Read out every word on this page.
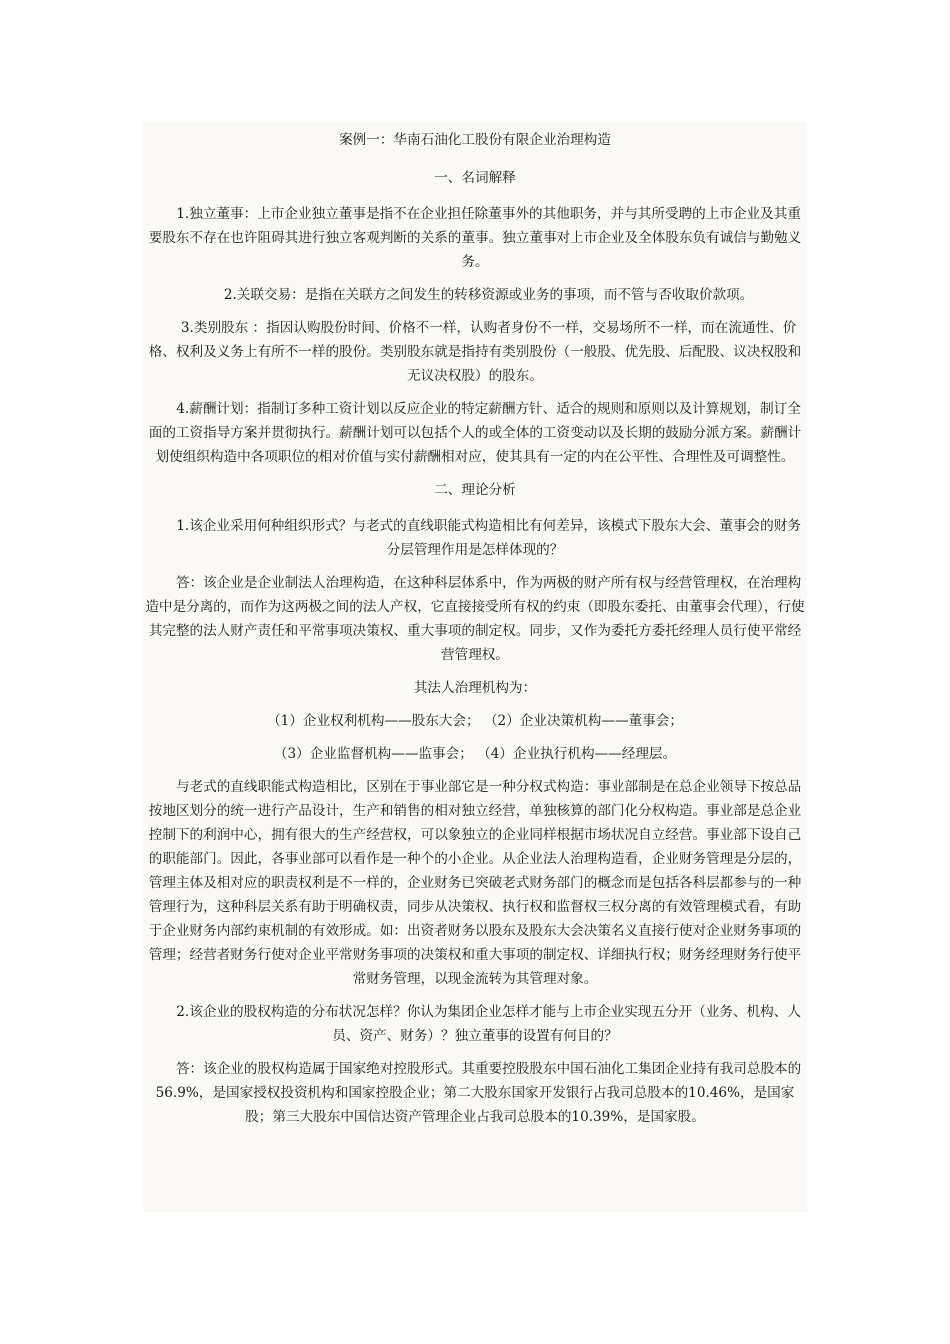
案例一：华南石油化工股份有限企业治理构造

一、名词解释

1.独立董事：上市企业独立董事是指不在企业担任除董事外的其他职务，并与其所受聘的上市企业及其重要股东不存在也许阻碍其进行独立客观判断的关系的董事。独立董事对上市企业及全体股东负有诚信与勤勉义务。

2.关联交易：是指在关联方之间发生的转移资源或业务的事项，而不管与否收取价款项。

3.类别股东 ：指因认购股份时间、价格不一样，认购者身份不一样，交易场所不一样，而在流通性、价格、权利及义务上有所不一样的股份。类别股东就是指持有类别股份（一般股、优先股、后配股、议决权股和无议决权股）的股东。

4.薪酬计划：指制订多种工资计划以反应企业的特定薪酬方针、适合的规则和原则以及计算规划，制订全面的工资指导方案并贯彻执行。薪酬计划可以包括个人的或全体的工资变动以及长期的鼓励分派方案。薪酬计划使组织构造中各项职位的相对价值与实付薪酬相对应，使其具有一定的内在公平性、合理性及可调整性。

二、理论分析

1.该企业采用何种组织形式？与老式的直线职能式构造相比有何差异，该模式下股东大会、董事会的财务分层管理作用是怎样体现的？

答：该企业是企业制法人治理构造，在这种科层体系中，作为两极的财产所有权与经营管理权，在治理构造中是分离的，而作为这两极之间的法人产权，它直接接受所有权的约束（即股东委托、由董事会代理），行使其完整的法人财产责任和平常事项决策权、重大事项的制定权。同步，又作为委托方委托经理人员行使平常经营管理权。

其法人治理机构为：

（1）企业权利机构——股东大会； （2）企业决策机构——董事会；

（3）企业监督机构——监事会； （4）企业执行机构——经理层。

与老式的直线职能式构造相比，区别在于事业部它是一种分权式构造：事业部制是在总企业领导下按总品按地区划分的统一进行产品设计，生产和销售的相对独立经营，单独核算的部门化分权构造。事业部是总企业控制下的利润中心，拥有很大的生产经营权，可以象独立的企业同样根据市场状况自立经营。事业部下设自己的职能部门。因此，各事业部可以看作是一种个的小企业。从企业法人治理构造看，企业财务管理是分层的，管理主体及相对应的职责权利是不一样的，企业财务已突破老式财务部门的概念而是包括各科层都参与的一种管理行为，这种科层关系有助于明确权责，同步从决策权、执行权和监督权三权分离的有效管理模式看，有助于企业财务内部约束机制的有效形成。如：出资者财务以股东及股东大会决策名义直接行使对企业财务事项的管理；经营者财务行使对企业平常财务事项的决策权和重大事项的制定权、详细执行权；财务经理财务行使平常财务管理，以现金流转为其管理对象。

2.该企业的股权构造的分布状况怎样？你认为集团企业怎样才能与上市企业实现五分开（业务、机构、人员、资产、财务）？独立董事的设置有何目的？

答：该企业的股权构造属于国家绝对控股形式。其重要控股股东中国石油化工集团企业持有我司总股本的56.9%，是国家授权投资机构和国家控股企业；第二大股东国家开发银行占我司总股本的10.46%，是国家股；第三大股东中国信达资产管理企业占我司总股本的10.39%，是国家股。
